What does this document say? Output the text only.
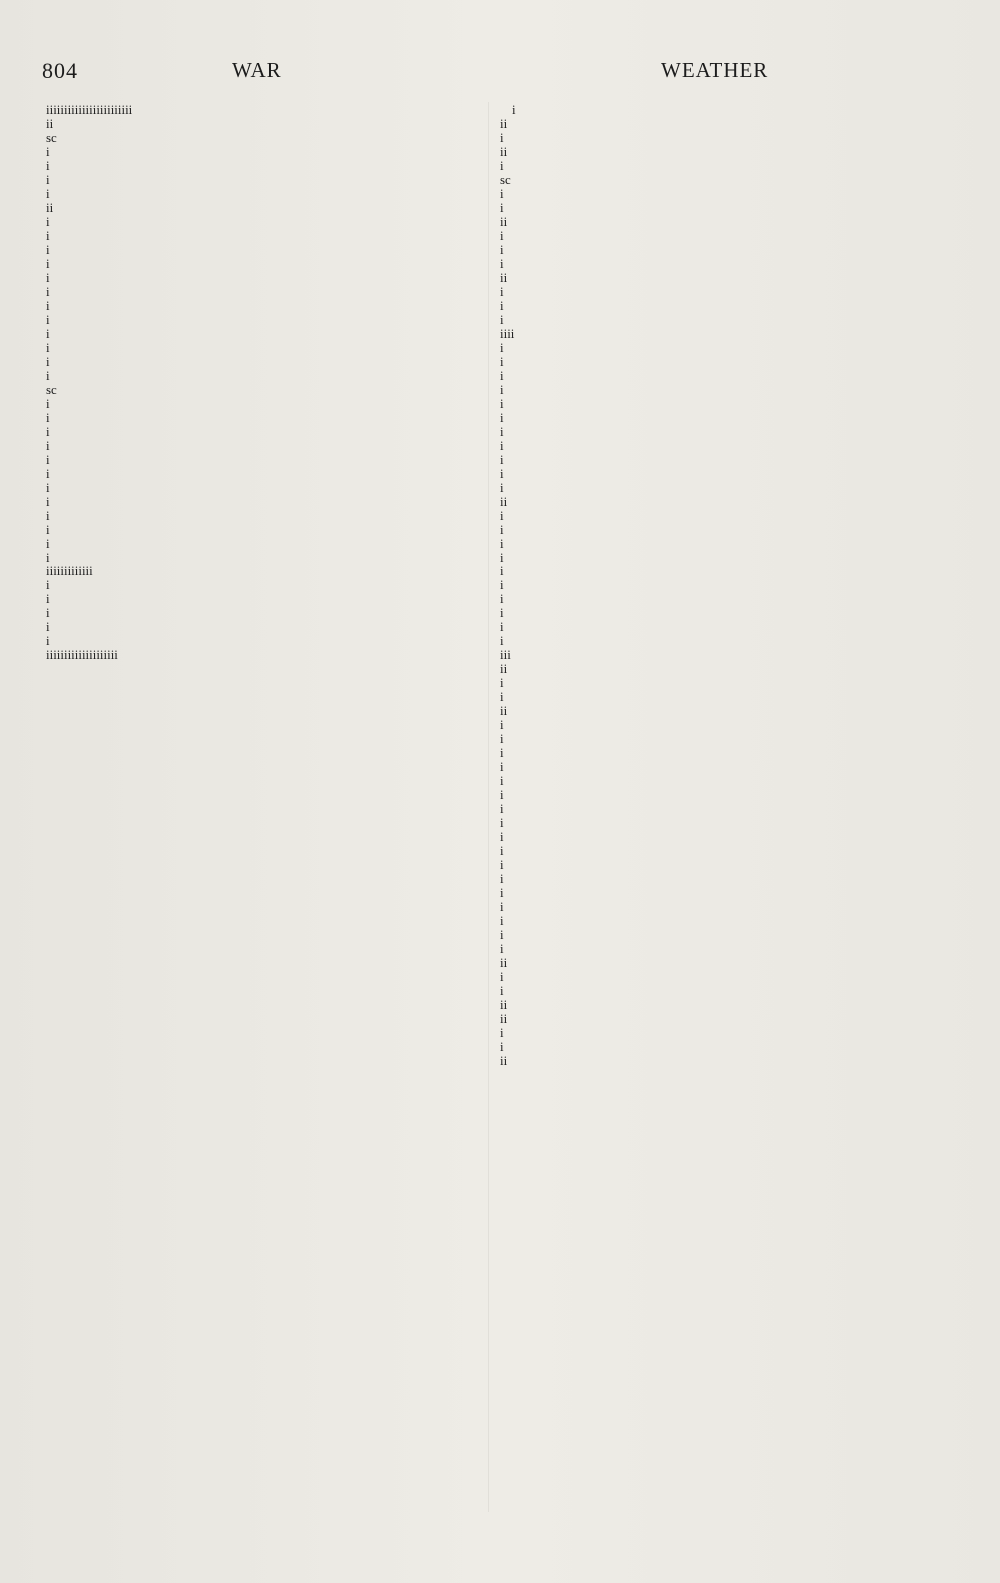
804	WAR	WEATHER

iiiiiiiiiiiiiiiiiiiiiiii

ii

sc

i

i

i

i

ii

i

i

i

i

i

i

i

i

i

i

i

i

sc

i

i

i

i

i

i

i

i

i

i

i

i

iiiiiiiiiiiii

i

i

i

i

i

iiiiiiiiiiiiiiiiiiii

i

ii

i

ii

i

sc

i

i

ii

i

i

i

ii

i

i

i

iiii

i

i

i

i

i

i

i

i

i

i

i

ii

i

i

i

i

i

i

i

i

i

i

iii

ii

i

i

ii

i

i

i

i

i

i

i

i

i

i

i

i

i

i

i

i

i

ii

i

i

ii

ii

i

i

ii
